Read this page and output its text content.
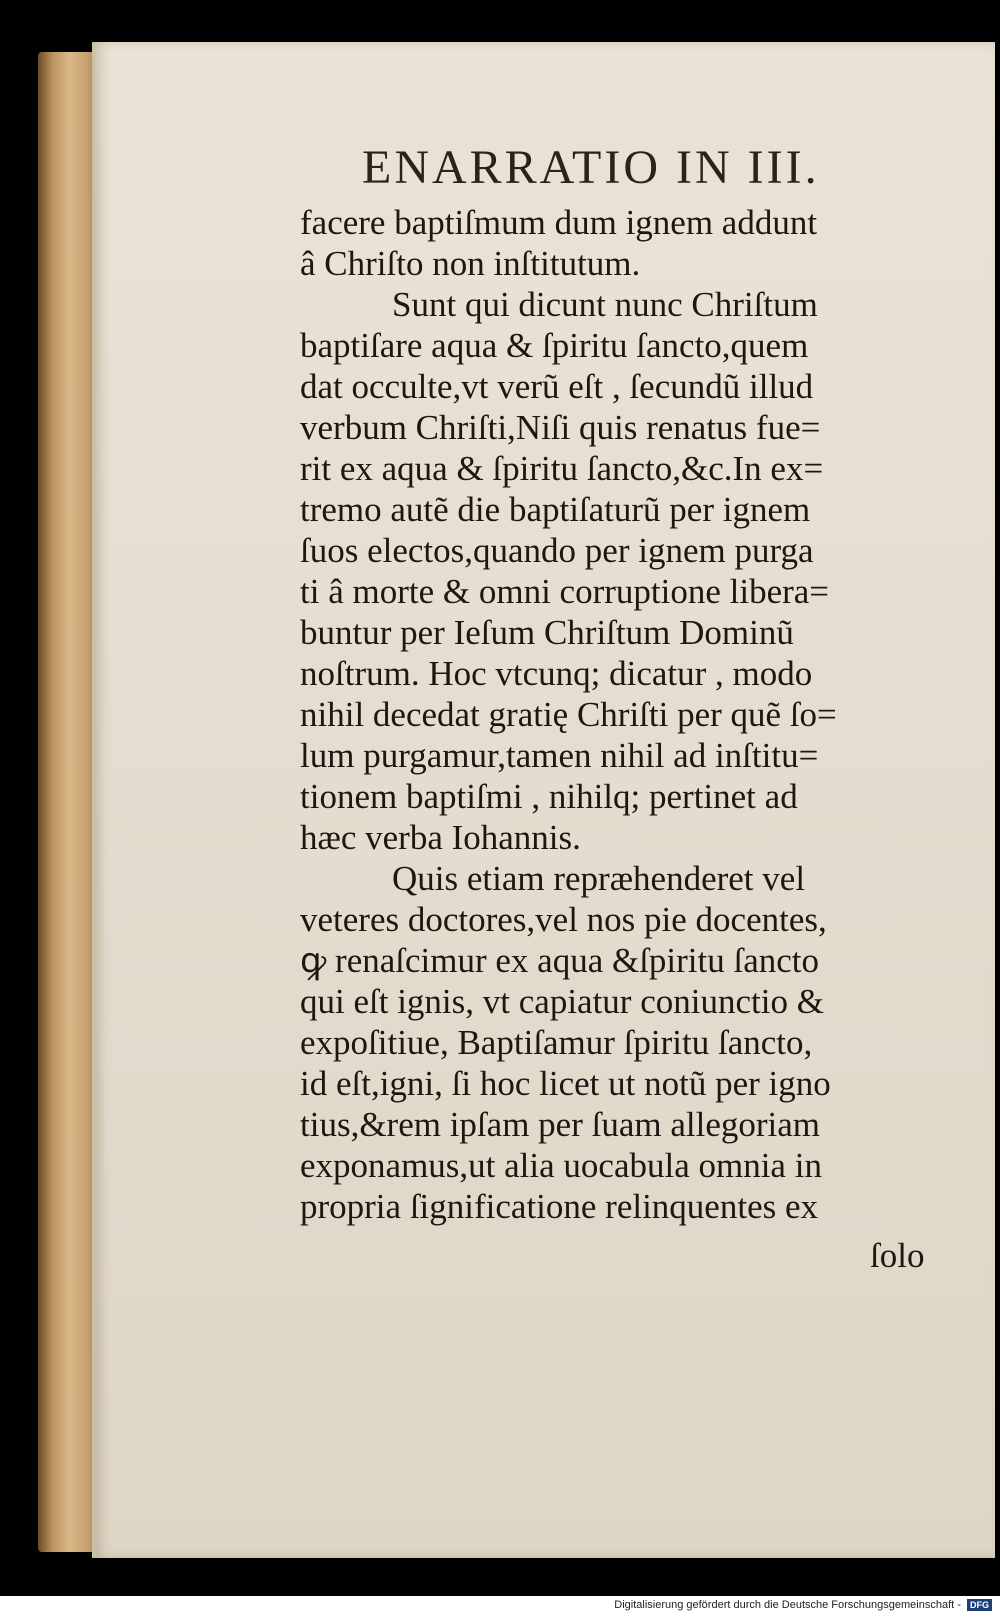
ENARRATIO IN III.
facere baptiſmum dum ignem addunt
â Chriſto non inſtitutum.
Sunt qui dicunt nunc Chriſtum
baptiſare aqua & ſpiritu ſancto,quem
dat occulte,vt verũ eſt , ſecundũ illud
verbum Chriſti,Niſi quis renatus fue=
rit ex aqua & ſpiritu ſancto,&c.In ex=
tremo autẽ die baptiſaturũ per ignem
ſuos electos,quando per ignem purga
ti â morte & omni corruptione libera=
buntur per Ieſum Chriſtum Dominũ
noſtrum. Hoc vtcunq; dicatur , modo
nihil decedat gratię Chriſti per quẽ ſo=
lum purgamur,tamen nihil ad inſtitu=
tionem baptiſmi , nihilq; pertinet ad
hæc verba Iohannis.
Quis etiam repræhenderet vel
veteres doctores,vel nos pie docentes,
ꝙ renaſcimur ex aqua &ſpiritu ſancto
qui eſt ignis, vt capiatur coniunctio &
expoſitiue, Baptiſamur ſpiritu ſancto,
id eſt,igni, ſi hoc licet ut notũ per igno
tius,&rem ipſam per ſuam allegoriam
exponamus,ut alia uocabula omnia in
propria ſignificatione relinquentes ex
ſolo
Digitalisierung gefördert durch die Deutsche Forschungsgemeinschaft - DFG
